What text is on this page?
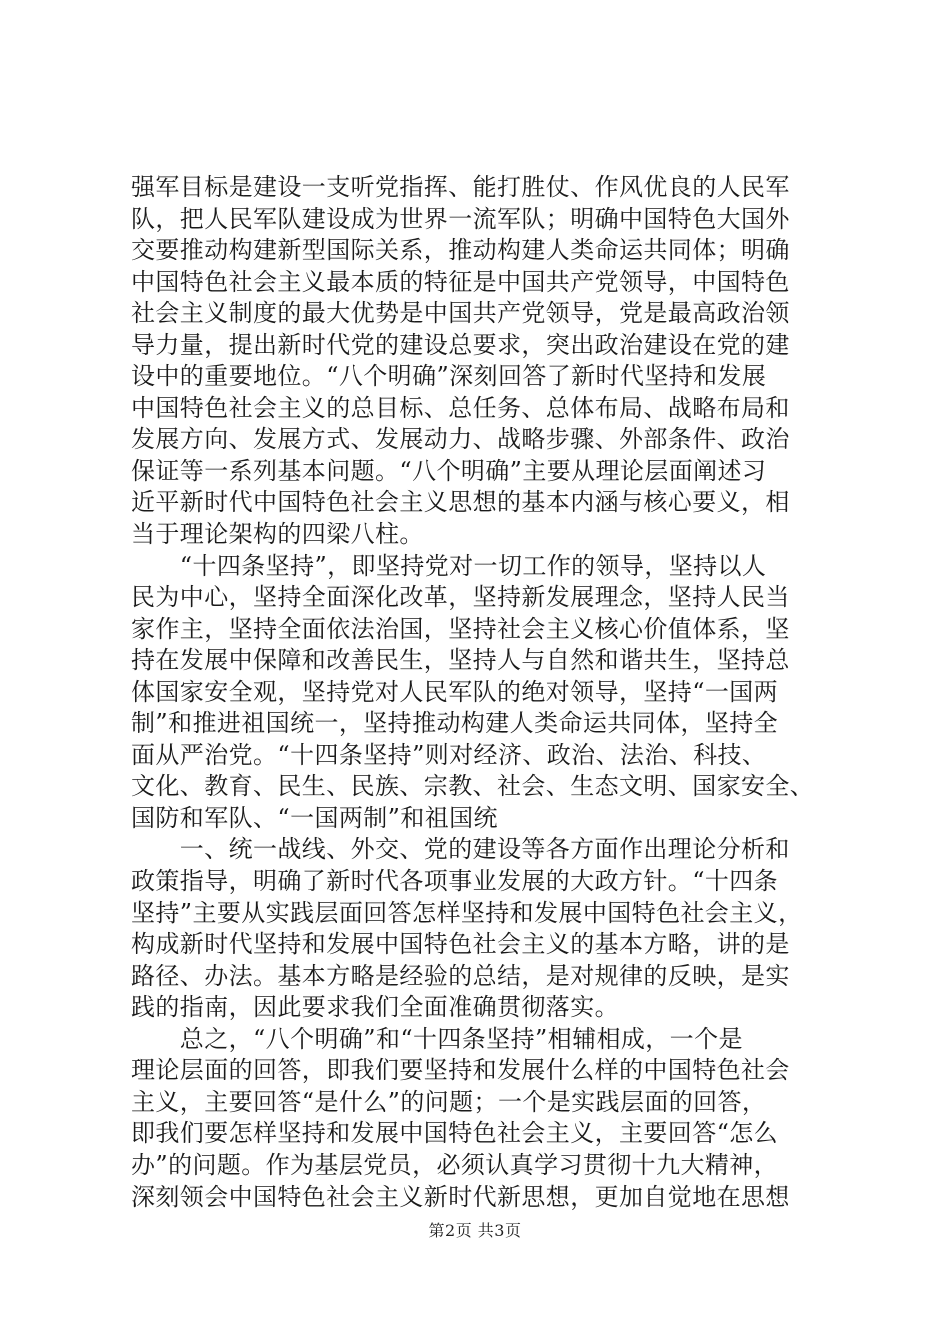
强军目标是建设一支听党指挥、能打胜仗、作风优良的人民军
队，把人民军队建设成为世界一流军队；明确中国特色大国外
交要推动构建新型国际关系，推动构建人类命运共同体；明确
中国特色社会主义最本质的特征是中国共产党领导，中国特色
社会主义制度的最大优势是中国共产党领导，党是最高政治领
导力量，提出新时代党的建设总要求，突出政治建设在党的建
设中的重要地位。“八个明确”深刻回答了新时代坚持和发展
中国特色社会主义的总目标、总任务、总体布局、战略布局和
发展方向、发展方式、发展动力、战略步骤、外部条件、政治
保证等一系列基本问题。“八个明确”主要从理论层面阐述习
近平新时代中国特色社会主义思想的基本内涵与核心要义，相
当于理论架构的四梁八柱。
　　“十四条坚持”，即坚持党对一切工作的领导，坚持以人
民为中心，坚持全面深化改革，坚持新发展理念，坚持人民当
家作主，坚持全面依法治国，坚持社会主义核心价值体系，坚
持在发展中保障和改善民生，坚持人与自然和谐共生，坚持总
体国家安全观，坚持党对人民军队的绝对领导，坚持“一国两
制”和推进祖国统一，坚持推动构建人类命运共同体，坚持全
面从严治党。“十四条坚持”则对经济、政治、法治、科技、
文化、教育、民生、民族、宗教、社会、生态文明、国家安全、
国防和军队、“一国两制”和祖国统
　　一、统一战线、外交、党的建设等各方面作出理论分析和
政策指导，明确了新时代各项事业发展的大政方针。“十四条
坚持”主要从实践层面回答怎样坚持和发展中国特色社会主义，
构成新时代坚持和发展中国特色社会主义的基本方略，讲的是
路径、办法。基本方略是经验的总结，是对规律的反映，是实
践的指南，因此要求我们全面准确贯彻落实。
　　总之，“八个明确”和“十四条坚持”相辅相成，一个是
理论层面的回答，即我们要坚持和发展什么样的中国特色社会
主义，主要回答“是什么”的问题；一个是实践层面的回答，
即我们要怎样坚持和发展中国特色社会主义，主要回答“怎么
办”的问题。作为基层党员，必须认真学习贯彻十九大精神，
深刻领会中国特色社会主义新时代新思想，更加自觉地在思想
第2页 共3页
